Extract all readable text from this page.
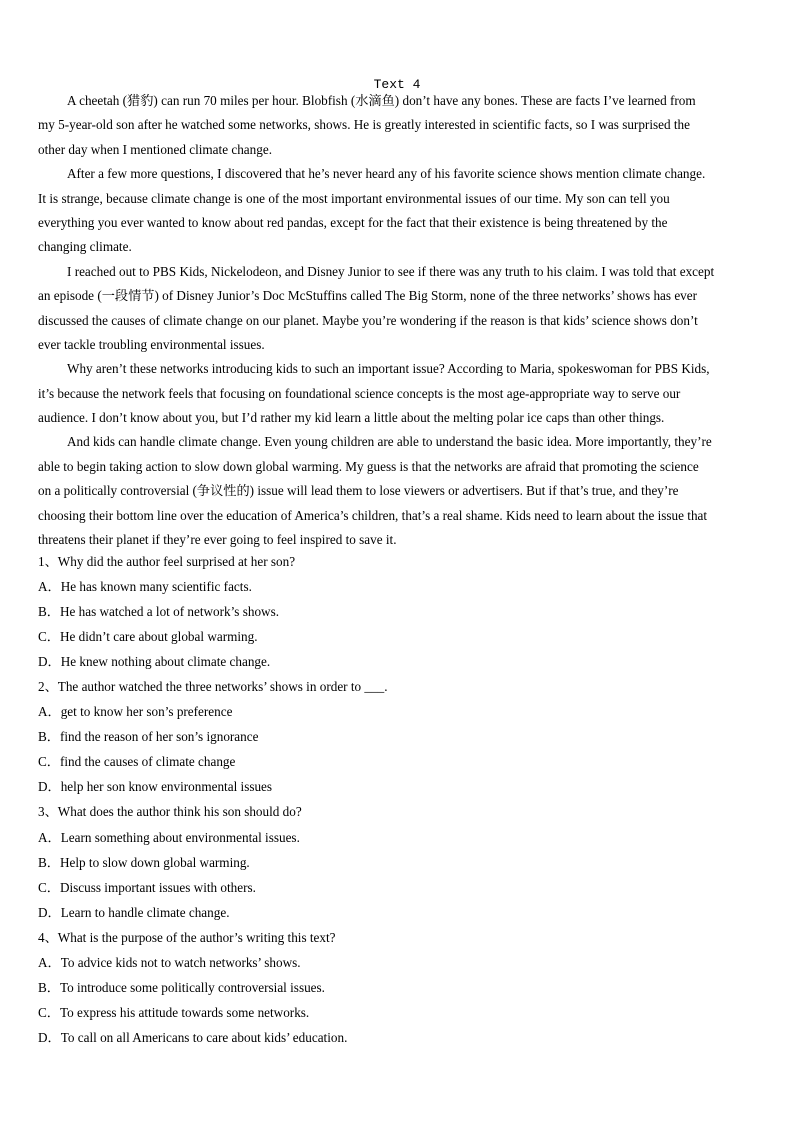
Text 4
A cheetah (猎豹) can run 70 miles per hour. Blobfish (水滴鱼) don’t have any bones. These are facts I’ve learned from
my 5-year-old son after he watched some networks, shows. He is greatly interested in scientific facts, so I was surprised the
other day when I mentioned climate change.
After a few more questions, I discovered that he’s never heard any of his favorite science shows mention climate change.
It is strange, because climate change is one of the most important environmental issues of our time. My son can tell you
everything you ever wanted to know about red pandas, except for the fact that their existence is being threatened by the
changing climate.
I reached out to PBS Kids, Nickelodeon, and Disney Junior to see if there was any truth to his claim. I was told that except
an episode (一段情节) of Disney Junior’s Doc McStuffins called The Big Storm, none of the three networks’ shows has ever
discussed the causes of climate change on our planet. Maybe you’re wondering if the reason is that kids’ science shows don’t
ever tackle troubling environmental issues.
Why aren’t these networks introducing kids to such an important issue? According to Maria, spokeswoman for PBS Kids,
it’s because the network feels that focusing on foundational science concepts is the most age-appropriate way to serve our
audience. I don’t know about you, but I’d rather my kid learn a little about the melting polar ice caps than other things.
And kids can handle climate change. Even young children are able to understand the basic idea. More importantly, they’re
able to begin taking action to slow down global warming. My guess is that the networks are afraid that promoting the science
on a politically controversial (争议性的) issue will lead them to lose viewers or advertisers. But if that’s true, and they’re
choosing their bottom line over the education of America’s children, that’s a real shame. Kids need to learn about the issue that
threatens their planet if they’re ever going to feel inspired to save it.
1、Why did the author feel surprised at her son?
A．He has known many scientific facts.
B．He has watched a lot of network’s shows.
C．He didn’t care about global warming.
D．He knew nothing about climate change.
2、The author watched the three networks’ shows in order to ___.
A．get to know her son’s preference
B．find the reason of her son’s ignorance
C．find the causes of climate change
D．help her son know environmental issues
3、What does the author think his son should do?
A．Learn something about environmental issues.
B．Help to slow down global warming.
C．Discuss important issues with others.
D．Learn to handle climate change.
4、What is the purpose of the author’s writing this text?
A．To advice kids not to watch networks’ shows.
B．To introduce some politically controversial issues.
C．To express his attitude towards some networks.
D．To call on all Americans to care about kids’ education.
